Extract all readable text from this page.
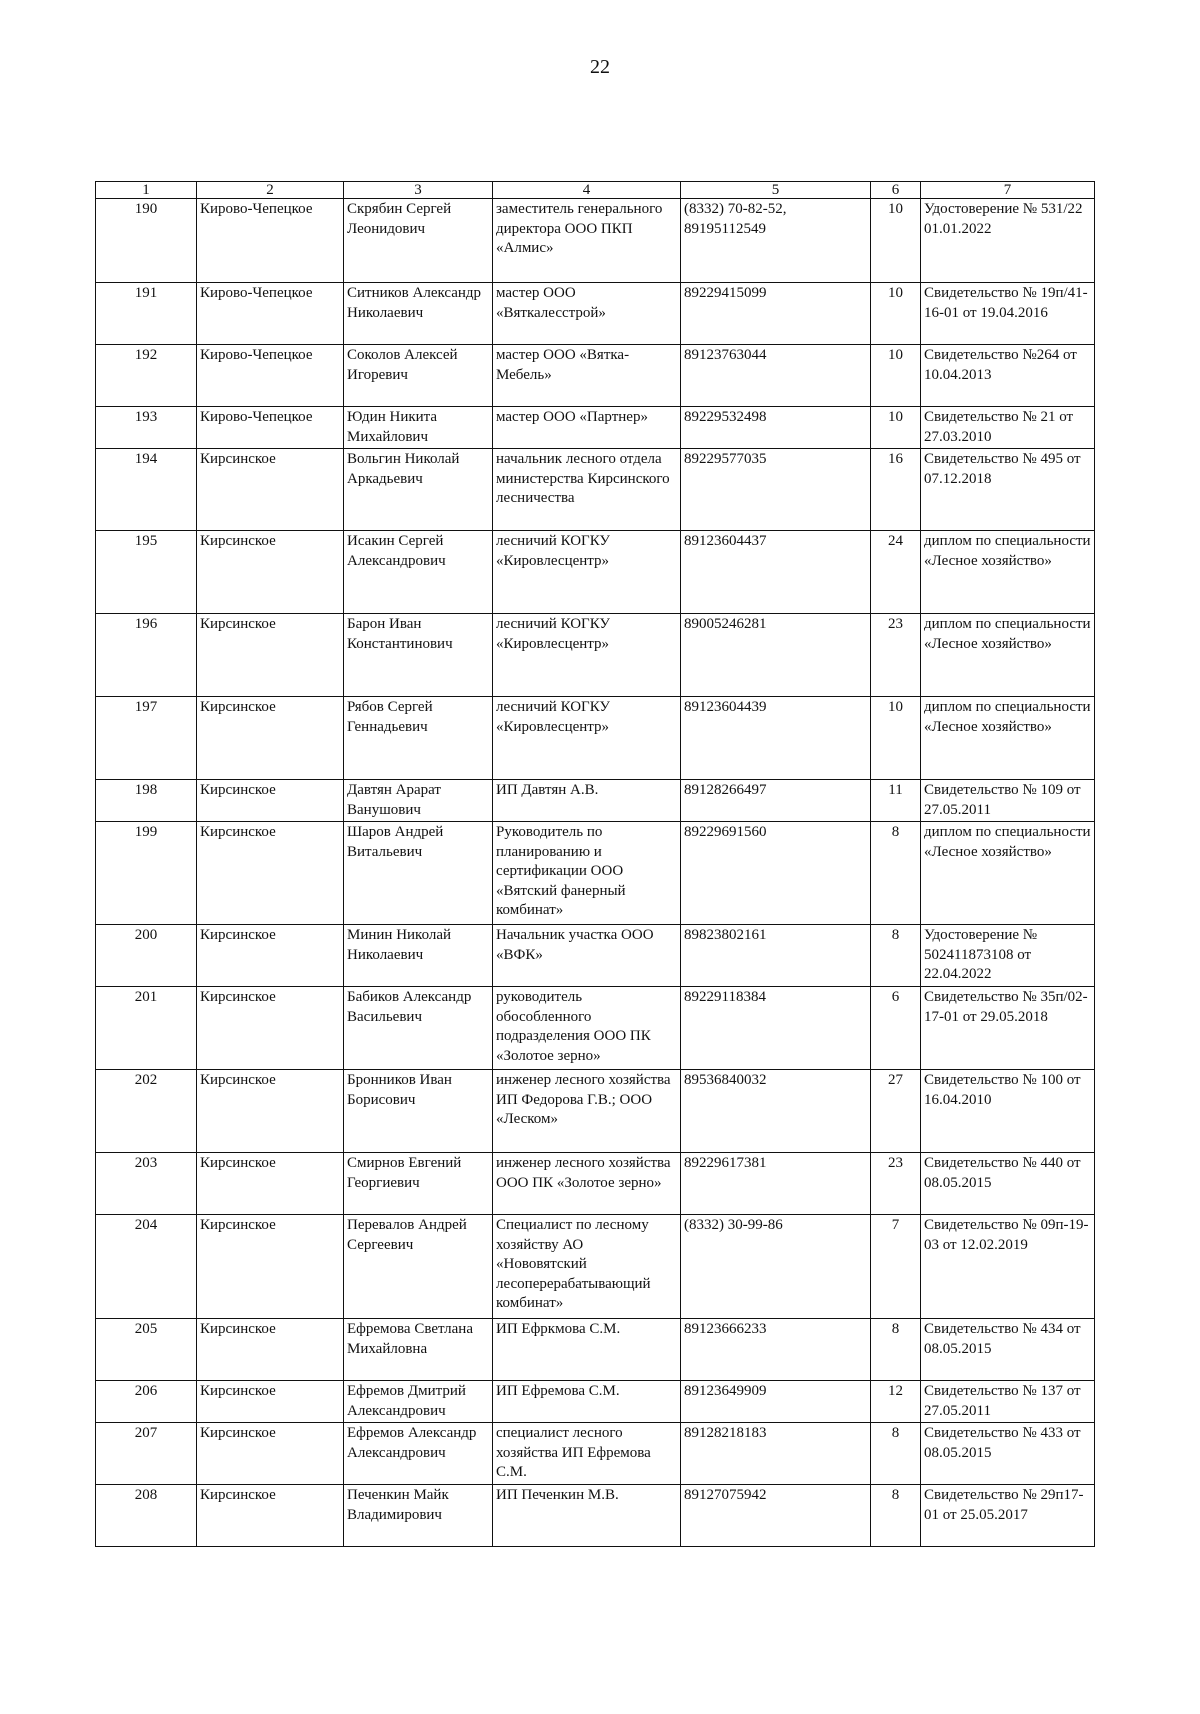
22
1	2	3	4	5	6	7
190	Кирово-Чепецкое	Скрябин Сергей Леонидович	заместитель генерального директора ООО ПКП «Алмис»	(8332) 70-82-52, 89195112549	10	Удостоверение № 531/22 01.01.2022
191	Кирово-Чепецкое	Ситников Александр Николаевич	мастер ООО «Вяткалесстрой»	89229415099	10	Свидетельство № 19п/41-16-01 от 19.04.2016
192	Кирово-Чепецкое	Соколов Алексей Игоревич	мастер ООО «Вятка-Мебель»	89123763044	10	Свидетельство №264 от 10.04.2013
193	Кирово-Чепецкое	Юдин Никита Михайлович	мастер ООО «Партнер»	89229532498	10	Свидетельство № 21 от 27.03.2010
194	Кирсинское	Вольгин Николай Аркадьевич	начальник лесного отдела министерства Кирсинского лесничества	89229577035	16	Свидетельство № 495 от 07.12.2018
195	Кирсинское	Исакин Сергей Александрович	лесничий КОГКУ «Кировлесцентр»	89123604437	24	диплом по специальности «Лесное хозяйство»
196	Кирсинское	Барон Иван Константинович	лесничий КОГКУ «Кировлесцентр»	89005246281	23	диплом по специальности «Лесное хозяйство»
197	Кирсинское	Рябов Сергей Геннадьевич	лесничий КОГКУ «Кировлесцентр»	89123604439	10	диплом по специальности «Лесное хозяйство»
198	Кирсинское	Давтян Арарат Ванушович	ИП Давтян А.В.	89128266497	11	Свидетельство № 109 от 27.05.2011
199	Кирсинское	Шаров Андрей Витальевич	Руководитель по планированию и сертификации ООО «Вятский фанерный комбинат»	89229691560	8	диплом по специальности «Лесное хозяйство»
200	Кирсинское	Минин Николай Николаевич	Начальник участка ООО «ВФК»	89823802161	8	Удостоверение № 502411873108 от 22.04.2022
201	Кирсинское	Бабиков Александр Васильевич	руководитель обособленного подразделения ООО ПК «Золотое зерно»	89229118384	6	Свидетельство № 35п/02-17-01 от 29.05.2018
202	Кирсинское	Бронников Иван Борисович	инженер лесного хозяйства ИП Федорова Г.В.; ООО «Леском»	89536840032	27	Свидетельство № 100 от 16.04.2010
203	Кирсинское	Смирнов Евгений Георгиевич	инженер лесного хозяйства ООО ПК «Золотое зерно»	89229617381	23	Свидетельство № 440 от 08.05.2015
204	Кирсинское	Перевалов Андрей Сергеевич	Специалист по лесному хозяйству АО «Нововятский лесоперерабатывающий комбинат»	(8332) 30-99-86	7	Свидетельство № 09п-19-03 от 12.02.2019
205	Кирсинское	Ефремова Светлана Михайловна	ИП Ефркмова С.М.	89123666233	8	Свидетельство № 434 от 08.05.2015
206	Кирсинское	Ефремов Дмитрий Александрович	ИП Ефремова С.М.	89123649909	12	Свидетельство № 137 от 27.05.2011
207	Кирсинское	Ефремов Александр Александрович	специалист лесного хозяйства ИП Ефремова С.М.	89128218183	8	Свидетельство № 433 от 08.05.2015
208	Кирсинское	Печенкин Майк Владимирович	ИП Печенкин М.В.	89127075942	8	Свидетельство № 29п17-01 от 25.05.2017
